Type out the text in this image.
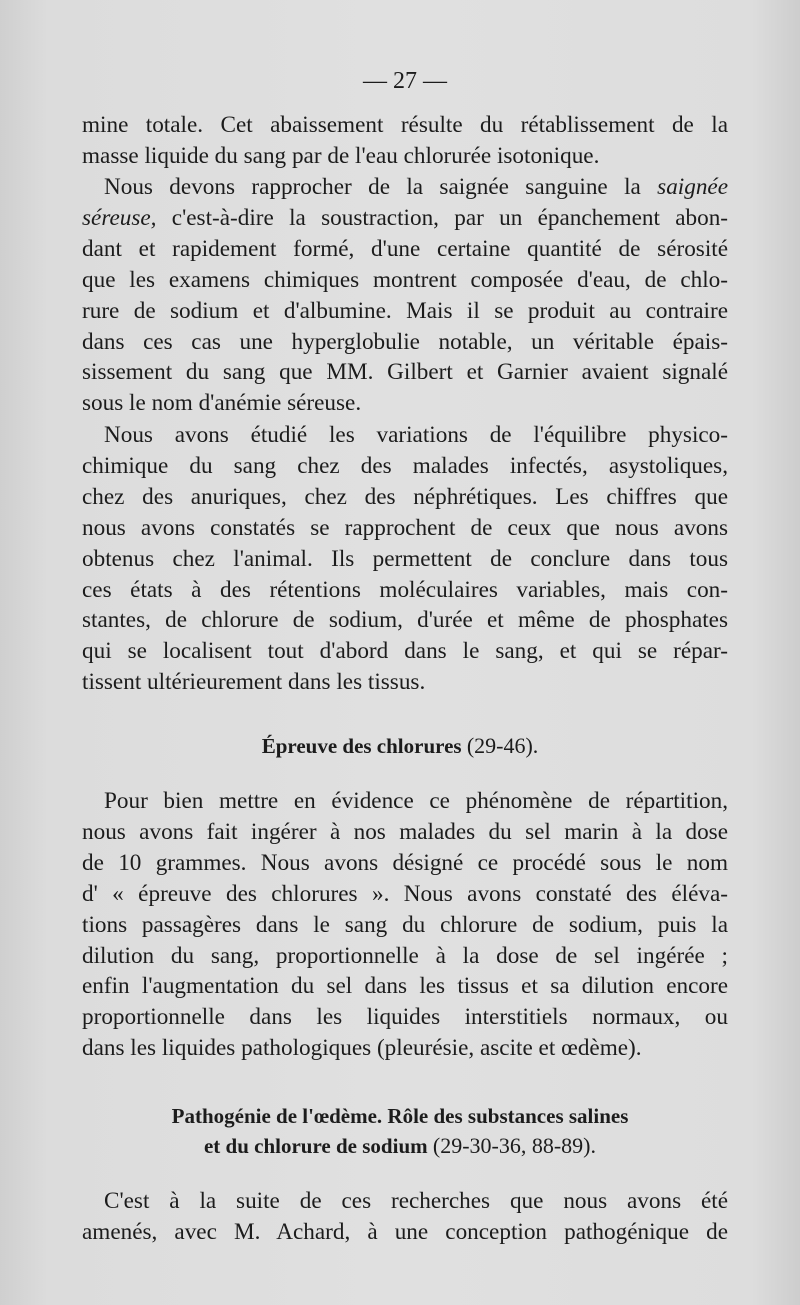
— 27 —

mine totale. Cet abaissement résulte du rétablissement de la
masse liquide du sang par de l'eau chlorurée isotonique.

Nous devons rapprocher de la saignée sanguine la saignée
séreuse, c'est-à-dire la soustraction, par un épanchement abon-
dant et rapidement formé, d'une certaine quantité de sérosité
que les examens chimiques montrent composée d'eau, de chlo-
rure de sodium et d'albumine. Mais il se produit au contraire
dans ces cas une hyperglobulie notable, un véritable épais-
sissement du sang que MM. Gilbert et Garnier avaient signalé
sous le nom d'anémie séreuse.

Nous avons étudié les variations de l'équilibre physico-
chimique du sang chez des malades infectés, asystoliques,
chez des anuriques, chez des néphrétiques. Les chiffres que
nous avons constatés se rapprochent de ceux que nous avons
obtenus chez l'animal. Ils permettent de conclure dans tous
ces états à des rétentions moléculaires variables, mais con-
stantes, de chlorure de sodium, d'urée et même de phosphates
qui se localisent tout d'abord dans le sang, et qui se répar-
tissent ultérieurement dans les tissus.

Épreuve des chlorures (29-46).

Pour bien mettre en évidence ce phénomène de répartition,
nous avons fait ingérer à nos malades du sel marin à la dose
de 10 grammes. Nous avons désigné ce procédé sous le nom
d' « épreuve des chlorures ». Nous avons constaté des éléva-
tions passagères dans le sang du chlorure de sodium, puis la
dilution du sang, proportionnelle à la dose de sel ingérée ;
enfin l'augmentation du sel dans les tissus et sa dilution encore
proportionnelle dans les liquides interstitiels normaux, ou
dans les liquides pathologiques (pleurésie, ascite et œdème).

Pathogénie de l'œdème. Rôle des substances salines
et du chlorure de sodium (29-30-36, 88-89).

C'est à la suite de ces recherches que nous avons été
amenés, avec M. Achard, à une conception pathogénique de
